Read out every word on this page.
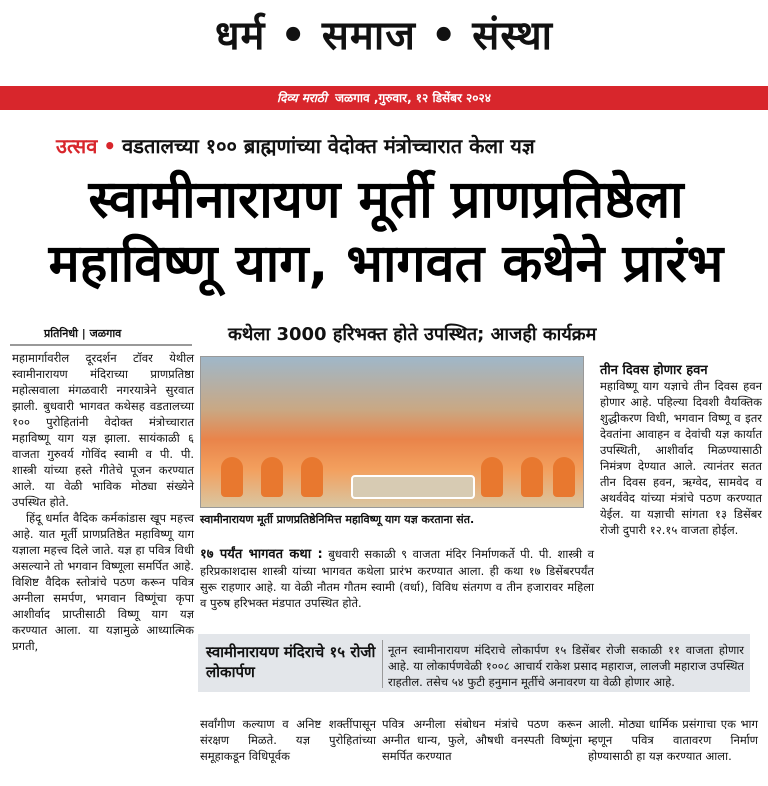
धर्म • समाज • संस्था
दिव्य मराठी जळगाव ,गुरुवार, १२ डिसेंबर २०२४
उत्सव • वडतालच्या १०० ब्राह्मणांच्या वेदोक्त मंत्रोच्चारात केला यज्ञ
स्वामीनारायण मूर्ती प्राणप्रतिष्ठेला
महाविष्णू याग, भागवत कथेने प्रारंभ
प्रतिनिधी | जळगाव	कथेला 3000 हरिभक्त होते उपस्थित; आजही कार्यक्रम

महामार्गावरील दूरदर्शन टॉवर येथील स्वामीनारायण मंदिराच्या प्राणप्रतिष्ठा महोत्सवाला मंगळवारी नगरयात्रेने सुरवात झाली. बुधवारी भागवत कथेसह वडतालच्या १०० पुरोहितांनी वेदोक्त मंत्रोच्चारात महाविष्णू याग यज्ञ झाला. सायंकाळी ६ वाजता गुरुवर्य गोविंद स्वामी व पी. पी. शास्त्री यांच्या हस्ते गीतेचे पूजन करण्यात आले. या वेळी भाविक मोठ्या संख्येने उपस्थित होते.

हिंदू धर्मात वैदिक कर्मकांडास खूप महत्त्व आहे. यात मूर्ती प्राणप्रतिष्ठेत महाविष्णू याग यज्ञाला महत्त्व दिले जाते. यज्ञ हा पवित्र विधी असल्याने तो भगवान विष्णूला समर्पित आहे. विशिष्ट वैदिक स्तोत्रांचे पठण करून पवित्र अग्नीला समर्पण, भगवान विष्णूंचा कृपा आशीर्वाद प्राप्तीसाठी विष्णू याग यज्ञ करण्यात आला. या यज्ञामुळे आध्यात्मिक प्रगती,

स्वामीनारायण मूर्ती प्राणप्रतिष्ठेनिमित्त महाविष्णू याग यज्ञ करताना संत.
तीन दिवस होणार हवन
महाविष्णू याग यज्ञाचे तीन दिवस हवन होणार आहे. पहिल्या दिवशी वैयक्तिक शुद्धीकरण विधी, भगवान विष्णू व इतर देवतांना आवाहन व देवांची यज्ञ कार्यात उपस्थिती, आशीर्वाद मिळण्यासाठी निमंत्रण देण्यात आले. त्यानंतर सतत तीन दिवस हवन, ऋग्वेद, सामवेद व अथर्ववेद यांच्या मंत्रांचे पठण करण्यात येईल. या यज्ञाची सांगता १३ डिसेंबर रोजी दुपारी १२.१५ वाजता होईल.
१७ पर्यंत भागवत कथा : बुधवारी सकाळी ९ वाजता मंदिर निर्माणकर्ते पी. पी. शास्त्री व हरिप्रकाशदास शास्त्री यांच्या भागवत कथेला प्रारंभ करण्यात आला. ही कथा १७ डिसेंबरपर्यंत सुरू राहणार आहे. या वेळी नौतम गौतम स्वामी (वर्धा), विविध संतगण व तीन हजारावर महिला व पुरुष हरिभक्त मंडपात उपस्थित होते.
स्वामीनारायण मंदिराचे १५ रोजी लोकार्पण
नूतन स्वामीनारायण मंदिराचे लोकार्पण १५ डिसेंबर रोजी सकाळी ११ वाजता होणार आहे. या लोकार्पणवेळी १००८ आचार्य राकेश प्रसाद महाराज, लालजी महाराज उपस्थित राहतील. तसेच ५४ फुटी हनुमान मूर्तीचे अनावरण या वेळी होणार आहे.
सर्वांगीण कल्याण व अनिष्ट शक्तींपासून संरक्षण मिळते. यज्ञ पुरोहितांच्या समूहाकडून विधिपूर्वक
पवित्र अग्नीला संबोधन मंत्रांचे पठण करून अग्नीत धान्य, फुले, औषधी वनस्पती विष्णूंना समर्पित करण्यात
आली. मोठ्या धार्मिक प्रसंगाचा एक भाग म्हणून पवित्र वातावरण निर्माण होण्यासाठी हा यज्ञ करण्यात आला.
